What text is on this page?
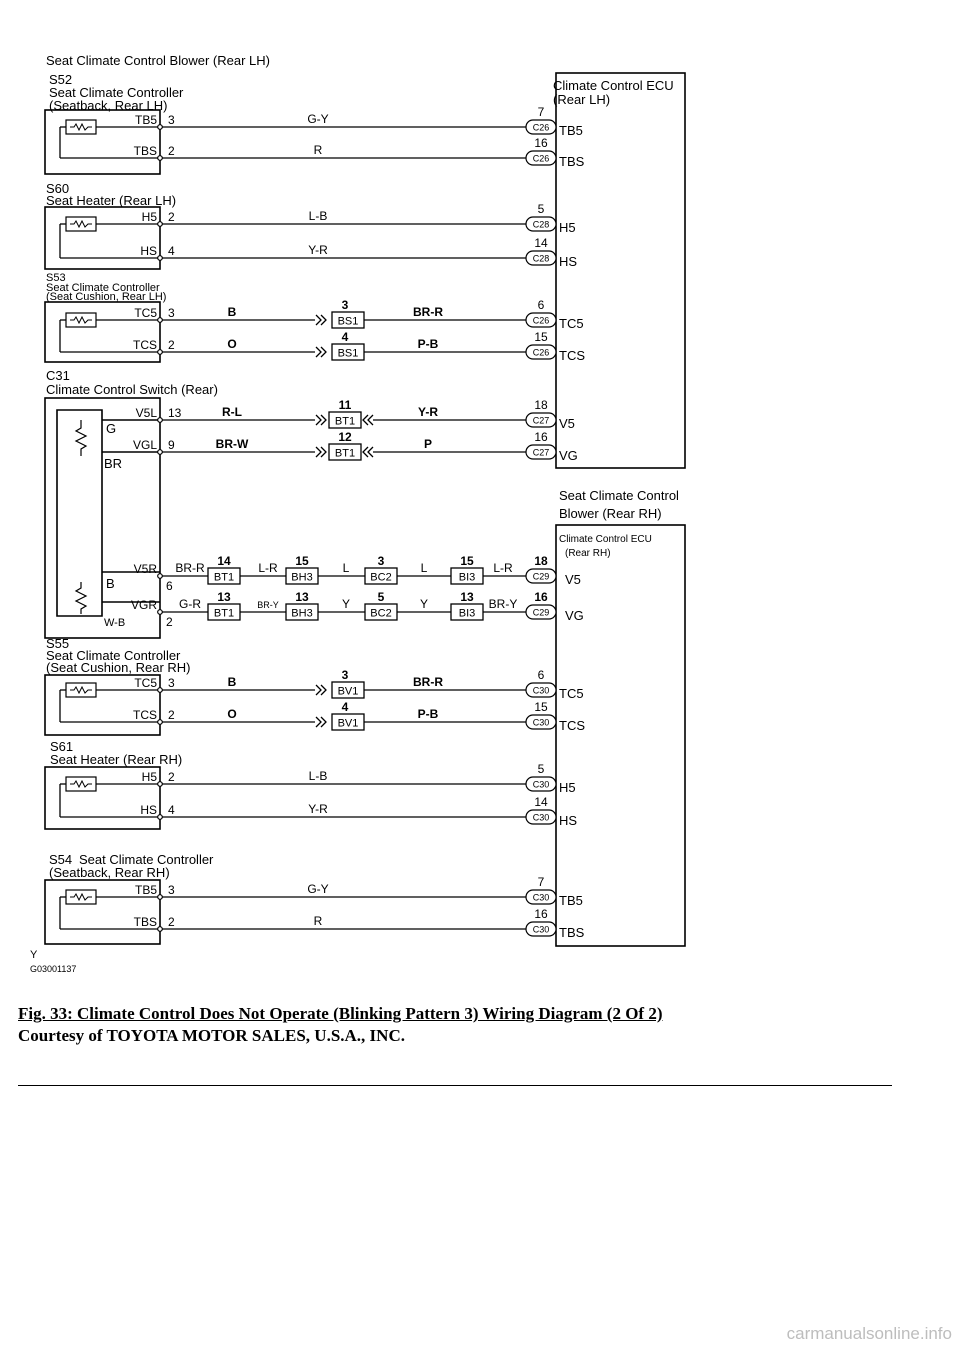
Seat Climate Control Blower (Rear LH)
Seat Climate Control
Blower (Rear RH)
Climate Control ECU
(Rear LH)
Climate Control ECU
(Rear RH)
S52
Seat Climate Controller
(Seatback, Rear LH)
S60
Seat Heater (Rear LH)
S53
Seat Climate Controller
(Seat Cushion, Rear LH)
C31
Climate Control Switch (Rear)
S55
Seat Climate Controller
(Seat Cushion, Rear RH)
S61
Seat Heater (Rear RH)
S54 Seat Climate Controller
(Seatback, Rear RH)
G
BR
B
W-B
Y
G03001137
TB5 3	G-Y
C26
7
TB5
TBS 2	R
C26
16
TBS
H5 2	L-B
C28
5
H5
HS 4	Y-R
C28
14
HS
TC5 3
BS1
3
B	BR-R
C26
6
TC5
TCS 2
BS1
4
O	P-B
C26
15
TCS
V5L 13
BT1
11
R-L	Y-R
C27
18
V5
VGL 9
BT1
12
BR-W	P
C27
16
VG
TC5 3
BV1
3
B	BR-R
C30
6
TC5
TCS 2
BV1
4
O	P-B
C30
15
TCS
H5 2	L-B
C30
5
H5
HS 4	Y-R
C30
14
HS
TB5 3	G-Y
C30
7
TB5
TBS 2	R
C30
16
TBS
V5R
6
BR-R
BT1
14 L-R
BH3
15	L
BC2
3	L
BI3
15 L-R
C29
18
V5
VGR
2
G-R
BT1
13
BR-Y
BH3
13	Y
BC2
5	Y
BI3
13 BR-Y
C29
16
VG
Fig. 33: Climate Control Does Not Operate (Blinking Pattern 3) Wiring Diagram (2 Of 2)
Courtesy of TOYOTA MOTOR SALES, U.S.A., INC.
carmanualsonline.info
